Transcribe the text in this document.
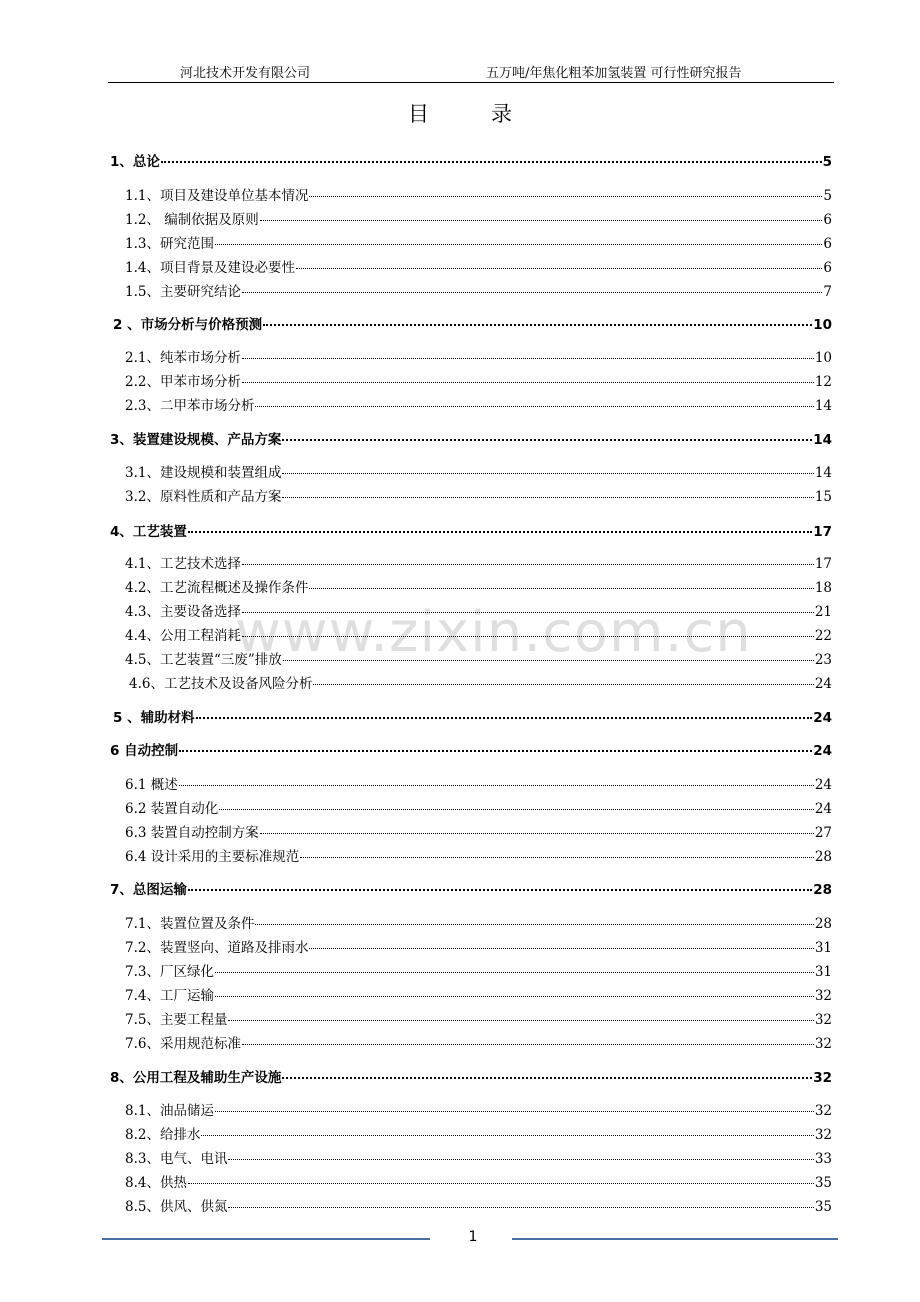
河北技术开发有限公司	五万吨/年焦化粗苯加氢装置 可行性研究报告
目录
1、总论	5
1.1、项目及建设单位基本情况	5
1.2、 编制依据及原则	6
1.3、研究范围	6
1.4、项目背景及建设必要性	6
1.5、主要研究结论	7
2 、市场分析与价格预测	10
2.1、纯苯市场分析	10
2.2、甲苯市场分析	12
2.3、二甲苯市场分析	14
3、装置建设规模、产品方案	14
3.1、建设规模和装置组成	14
3.2、原料性质和产品方案	15
4、工艺装置	17
4.1、工艺技术选择	17
4.2、工艺流程概述及操作条件	18
4.3、主要设备选择	21
4.4、公用工程消耗	22
4.5、工艺装置“三废”排放	23
4.6、工艺技术及设备风险分析	24
5 、辅助材料	24
6 自动控制	24
6.1 概述	24
6.2 装置自动化	24
6.3 装置自动控制方案	27
6.4 设计采用的主要标准规范	28
7、总图运输	28
7.1、装置位置及条件	28
7.2、装置竖向、道路及排雨水	31
7.3、厂区绿化	31
7.4、工厂运输	32
7.5、主要工程量	32
7.6、采用规范标准	32
8、公用工程及辅助生产设施	32
8.1、油品储运	32
8.2、给排水	32
8.3、电气、电讯	33
8.4、供热	35
8.5、供风、供氮	35
www.zixin.com.cn
1
